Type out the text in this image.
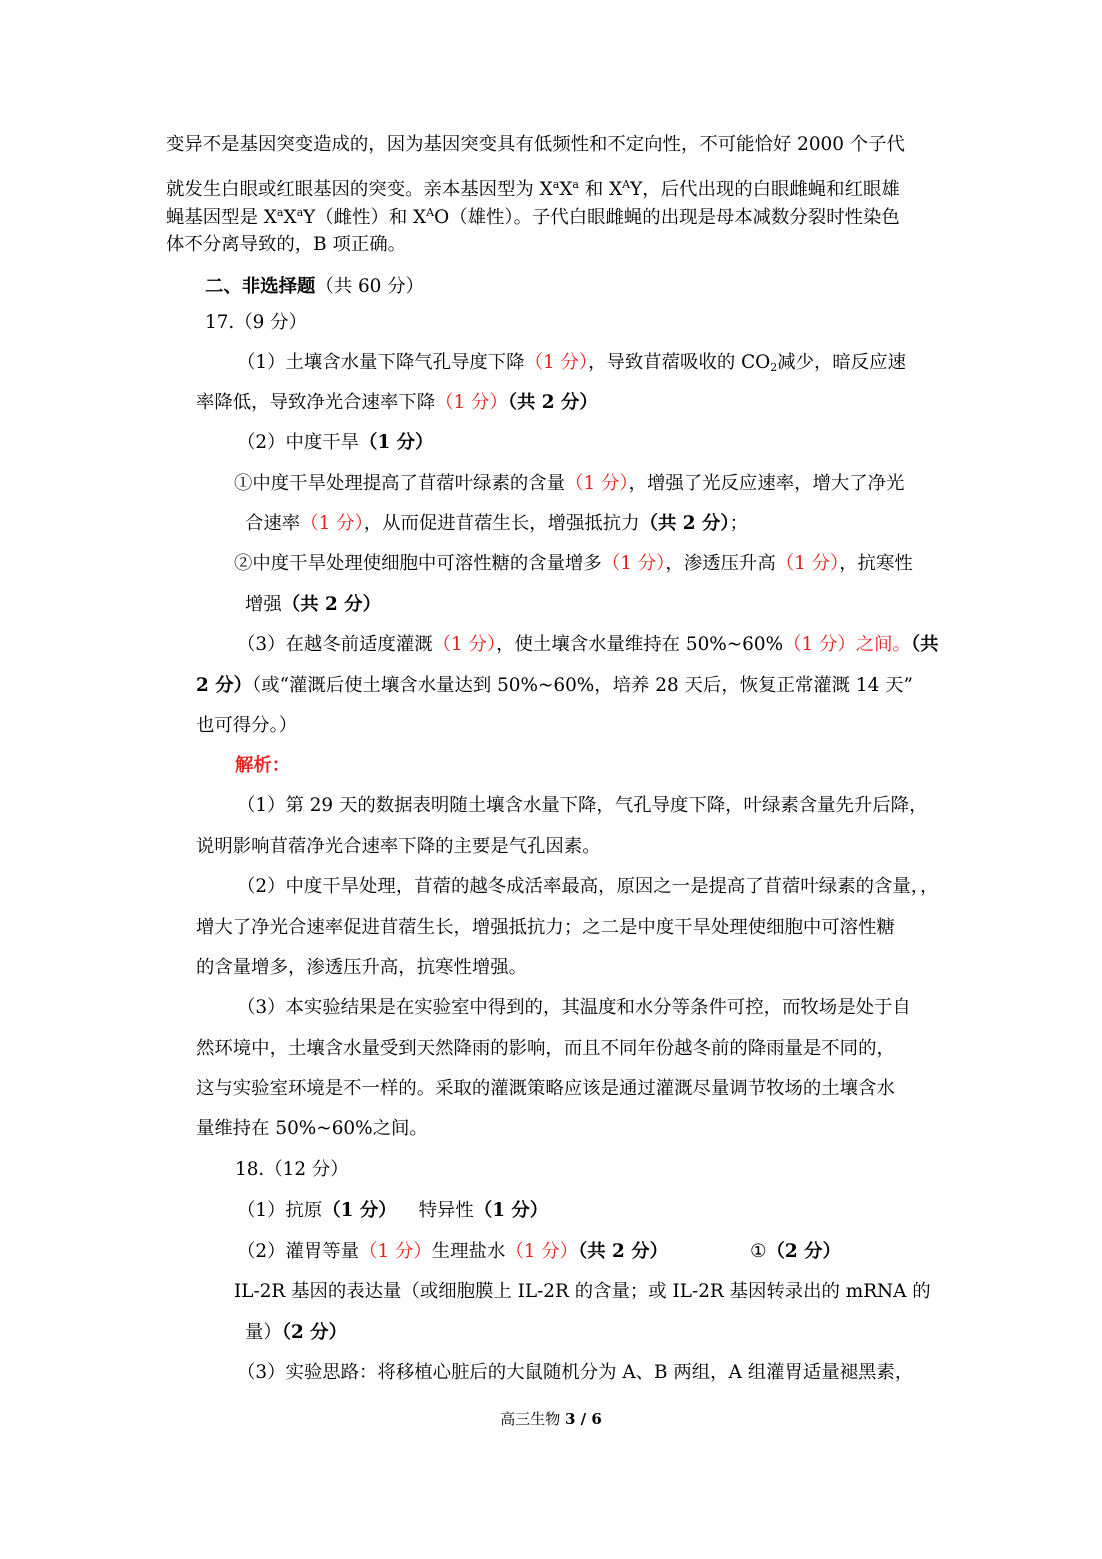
变异不是基因突变造成的，因为基因突变具有低频性和不定向性，不可能恰好 2000 个子代
就发生白眼或红眼基因的突变。亲本基因型为 $X^aX^a$ 和 $X^AY$，后代出现的白眼雌蝇和红眼雄
蝇基因型是 $X^aX^aY$（雌性）和 $X^AO$（雄性）。子代白眼雌蝇的出现是母本减数分裂时性染色
体不分离导致的，B 项正确。
二、非选择题（共 60 分）
17.（9 分）
（1）土壤含水量下降气孔导度下降（1 分），导致苜蓿吸收的 $CO_2$减少，暗反应速
率降低，导致净光合速率下降（1 分）（共 2 分）
（2）中度干旱（1 分）
①中度干旱处理提高了苜蓿叶绿素的含量（1 分），增强了光反应速率，增大了净光
合速率（1 分），从而促进苜蓿生长，增强抵抗力（共 2 分）；
②中度干旱处理使细胞中可溶性糖的含量增多（1 分），渗透压升高（1 分），抗寒性
增强（共 2 分）
（3）在越冬前适度灌溉（1 分），使土壤含水量维持在 50%~60%（1 分）之间。（共
2 分）（或“灌溉后使土壤含水量达到 50%~60%，培养 28 天后，恢复正常灌溉 14 天”
也可得分。）
解析：
（1）第 29 天的数据表明随土壤含水量下降，气孔导度下降，叶绿素含量先升后降，
说明影响苜蓿净光合速率下降的主要是气孔因素。
（2）中度干旱处理，苜蓿的越冬成活率最高，原因之一是提高了苜蓿叶绿素的含量，，
增大了净光合速率促进苜蓿生长，增强抵抗力；之二是中度干旱处理使细胞中可溶性糖
的含量增多，渗透压升高，抗寒性增强。
（3）本实验结果是在实验室中得到的，其温度和水分等条件可控，而牧场是处于自
然环境中，土壤含水量受到天然降雨的影响，而且不同年份越冬前的降雨量是不同的，
这与实验室环境是不一样的。采取的灌溉策略应该是通过灌溉尽量调节牧场的土壤含水
量维持在 50%~60%之间。
18.（12 分）
（1）抗原（1 分） 特异性（1 分）
（2）灌胃等量（1 分）生理盐水（1 分）（共 2 分）	①（2 分）
IL-2R 基因的表达量（或细胞膜上 IL-2R 的含量；或 IL-2R 基因转录出的 mRNA 的
量）（2 分）
（3）实验思路：将移植心脏后的大鼠随机分为 A、B 两组，A 组灌胃适量褪黑素，
高三生物 3 / 6
